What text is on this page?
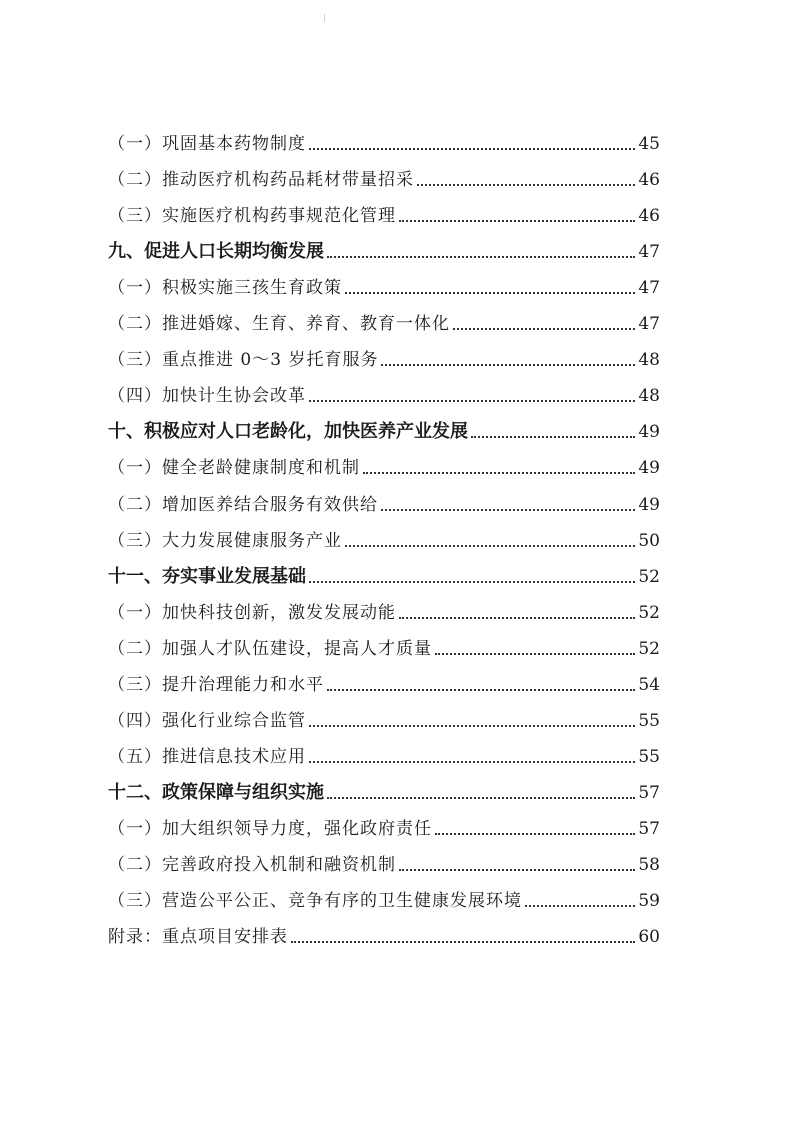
（一）巩固基本药物制度	45
（二）推动医疗机构药品耗材带量招采	46
（三）实施医疗机构药事规范化管理	46
九、促进人口长期均衡发展	47
（一）积极实施三孩生育政策	47
（二）推进婚嫁、生育、养育、教育一体化	47
（三）重点推进 0～3 岁托育服务	48
（四）加快计生协会改革	48
十、积极应对人口老龄化，加快医养产业发展	49
（一）健全老龄健康制度和机制	49
（二）增加医养结合服务有效供给	49
（三）大力发展健康服务产业	50
十一、夯实事业发展基础	52
（一）加快科技创新，激发发展动能	52
（二）加强人才队伍建设，提高人才质量	52
（三）提升治理能力和水平	54
（四）强化行业综合监管	55
（五）推进信息技术应用	55
十二、政策保障与组织实施	57
（一）加大组织领导力度，强化政府责任	57
（二）完善政府投入机制和融资机制	58
（三）营造公平公正、竞争有序的卫生健康发展环境	59
附录：重点项目安排表	60
